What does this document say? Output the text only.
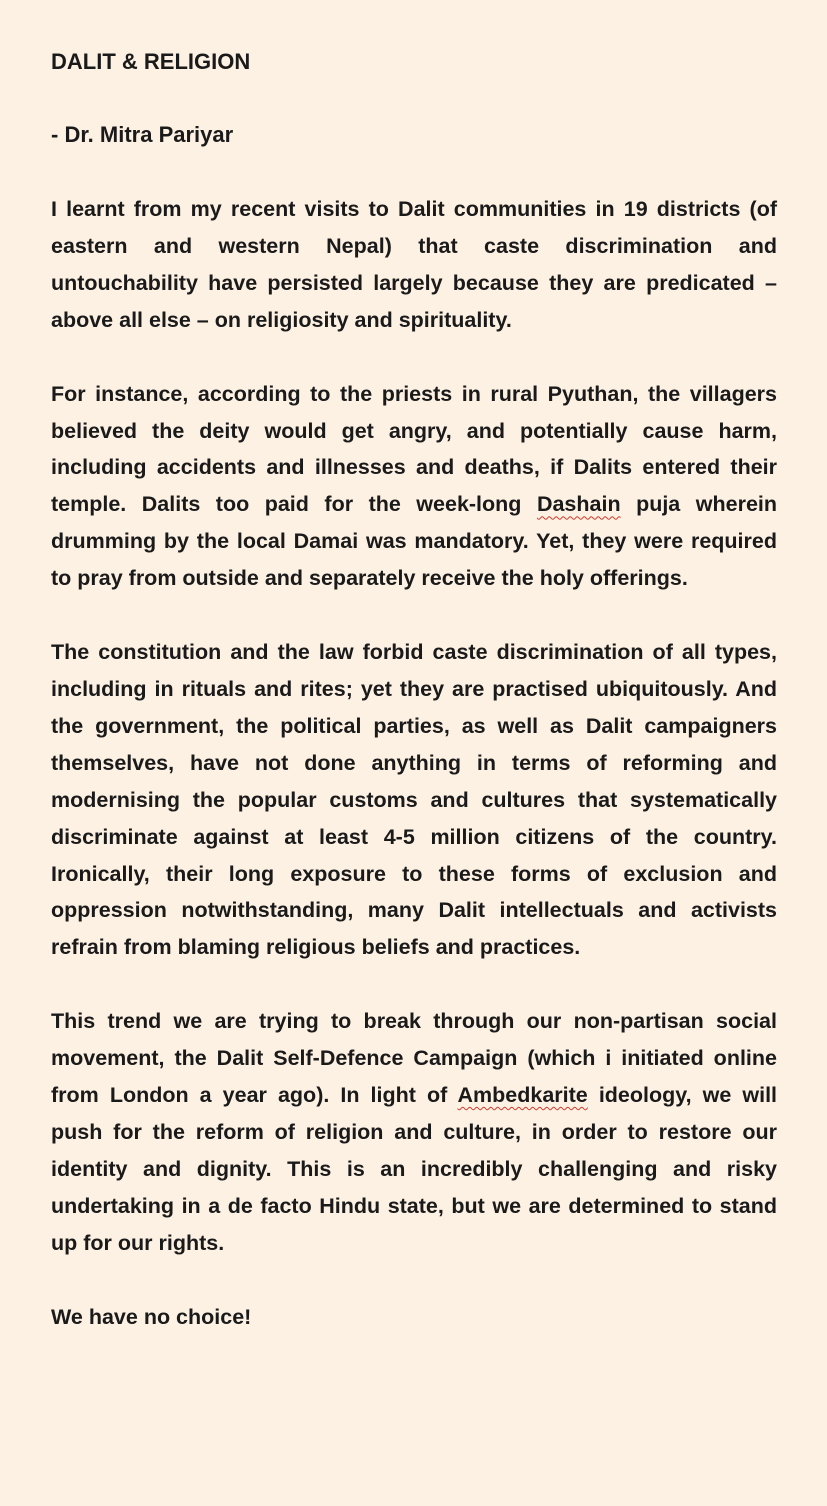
DALIT & RELIGION
- Dr. Mitra Pariyar

I learnt from my recent visits to Dalit communities in 19 districts (of eastern and western Nepal) that caste discrimination and untouchability have persisted largely because they are predicated – above all else – on religiosity and spirituality.

For instance, according to the priests in rural Pyuthan, the villagers believed the deity would get angry, and potentially cause harm, including accidents and illnesses and deaths, if Dalits entered their temple. Dalits too paid for the week-long Dashain puja wherein drumming by the local Damai was mandatory. Yet, they were required to pray from outside and separately receive the holy offerings.

The constitution and the law forbid caste discrimination of all types, including in rituals and rites; yet they are practised ubiquitously. And the government, the political parties, as well as Dalit campaigners themselves, have not done anything in terms of reforming and modernising the popular customs and cultures that systematically discriminate against at least 4-5 million citizens of the country. Ironically, their long exposure to these forms of exclusion and oppression notwithstanding, many Dalit intellectuals and activists refrain from blaming religious beliefs and practices.

This trend we are trying to break through our non-partisan social movement, the Dalit Self-Defence Campaign (which i initiated online from London a year ago). In light of Ambedkarite ideology, we will push for the reform of religion and culture, in order to restore our identity and dignity. This is an incredibly challenging and risky undertaking in a de facto Hindu state, but we are determined to stand up for our rights.

We have no choice!
